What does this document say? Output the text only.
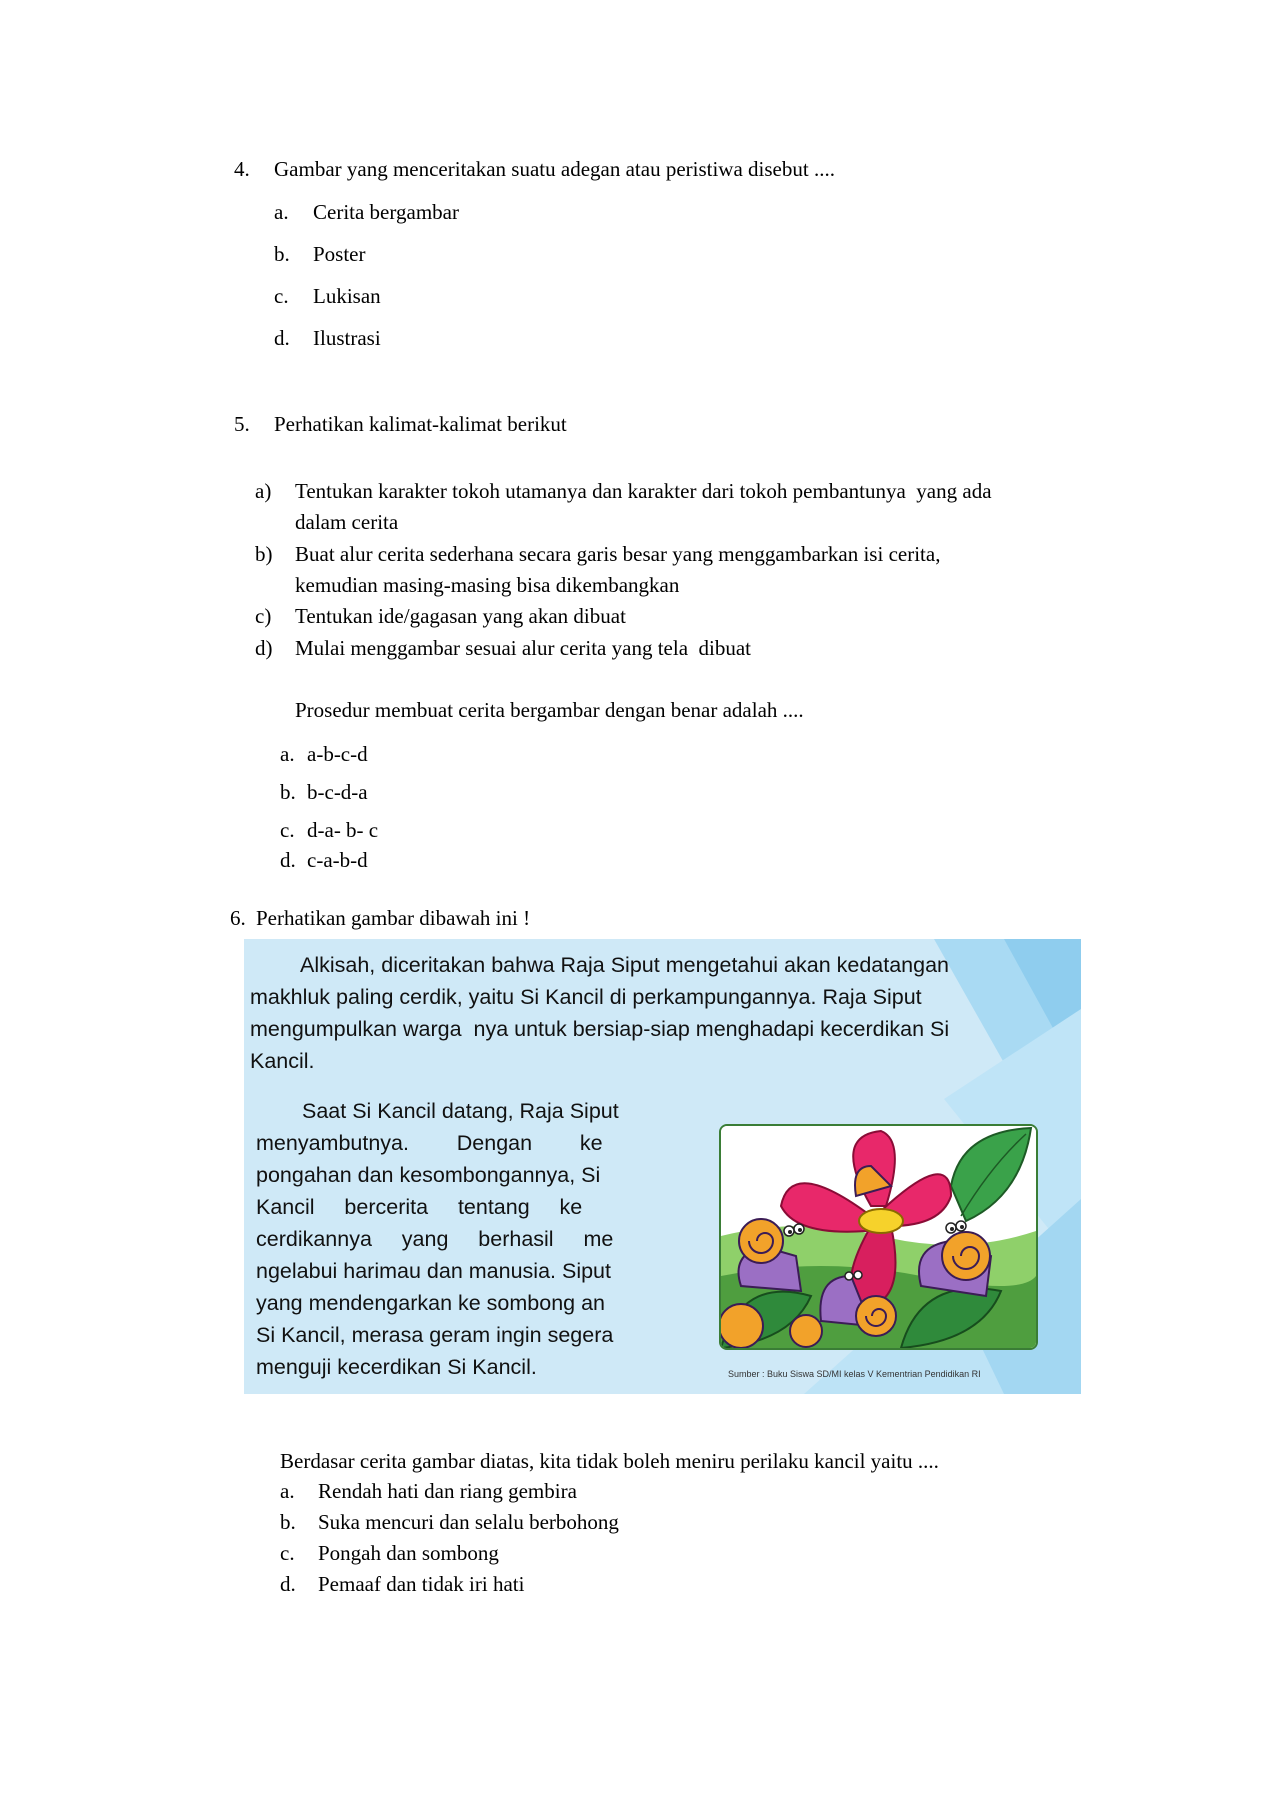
4. Gambar yang menceritakan suatu adegan atau peristiwa disebut ....
a. Cerita bergambar
b. Poster
c. Lukisan
d. Ilustrasi
5. Perhatikan kalimat-kalimat berikut
a) Tentukan karakter tokoh utamanya dan karakter dari tokoh pembantunya  yang ada
dalam cerita
b) Buat alur cerita sederhana secara garis besar yang menggambarkan isi cerita,
kemudian masing-masing bisa dikembangkan
c) Tentukan ide/gagasan yang akan dibuat
d) Mulai menggambar sesuai alur cerita yang tela  dibuat
Prosedur membuat cerita bergambar dengan benar adalah ....
a. a-b-c-d
b. b-c-d-a
c. d-a- b- c
d. c-a-b-d
6. Perhatikan gambar dibawah ini !
Alkisah, diceritakan bahwa Raja Siput mengetahui akan kedatangan
makhluk paling cerdik, yaitu Si Kancil di perkampungannya. Raja Siput
mengumpulkan warga  nya untuk bersiap-siap menghadapi kecerdikan Si
Kancil.
Saat Si Kancil datang, Raja Siput
menyambutnya.        Dengan        ke
pongahan dan kesombongannya, Si
Kancil     bercerita     tentang     ke
cerdikannya     yang     berhasil     me
ngelabui harimau dan manusia. Siput
yang mendengarkan ke sombong an
Si Kancil, merasa geram ingin segera
menguji kecerdikan Si Kancil.	Sumber : Buku Siswa SD/MI kelas V Kementrian Pendidikan RI
Berdasar cerita gambar diatas, kita tidak boleh meniru perilaku kancil yaitu ....
a. Rendah hati dan riang gembira
b. Suka mencuri dan selalu berbohong
c. Pongah dan sombong
d. Pemaaf dan tidak iri hati
